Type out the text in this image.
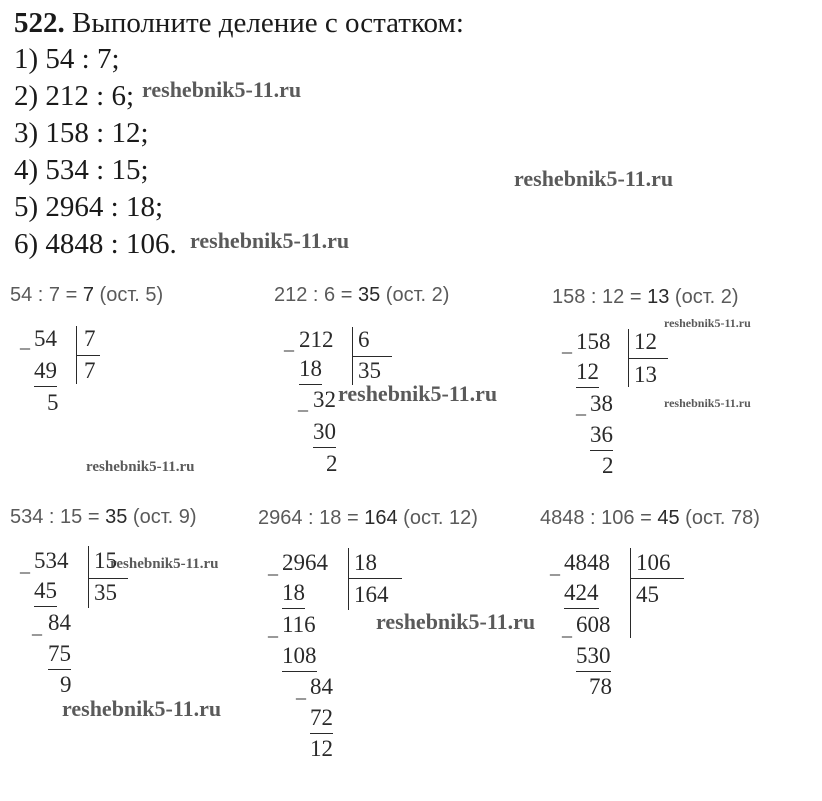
522. Выполните деление с остатком:
1) 54 : 7;
2) 212 : 6;
3) 158 : 12;
4) 534 : 15;
5) 2964 : 18;
6) 4848 : 106.
54 : 7 = 7 (ост. 5)
_ 54 7
7
49
5
212 : 6 = 35 (ост. 2)
_ 212 6
35
18
_ 32
30
2
158 : 12 = 13 (ост. 2)
_ 158 12
13
12
_ 38
36
2
534 : 15 = 35 (ост. 9)
_ 534 15
35
45
_ 84
75
9
2964 : 18 = 164 (ост. 12)
_ 2964 18
164
18
_ 116
108
_ 84
72
12
4848 : 106 = 45 (ост. 78)
_ 4848 106
45
424
_ 608
530
78
reshebnik5-11.ru
reshebnik5-11.ru
reshebnik5-11.ru
reshebnik5-11.ru
reshebnik5-11.ru	reshebnik5-11.ru
reshebnik5-11.ru
reshebnik5-11.ru
reshebnik5-11.ru
reshebnik5-11.ru
